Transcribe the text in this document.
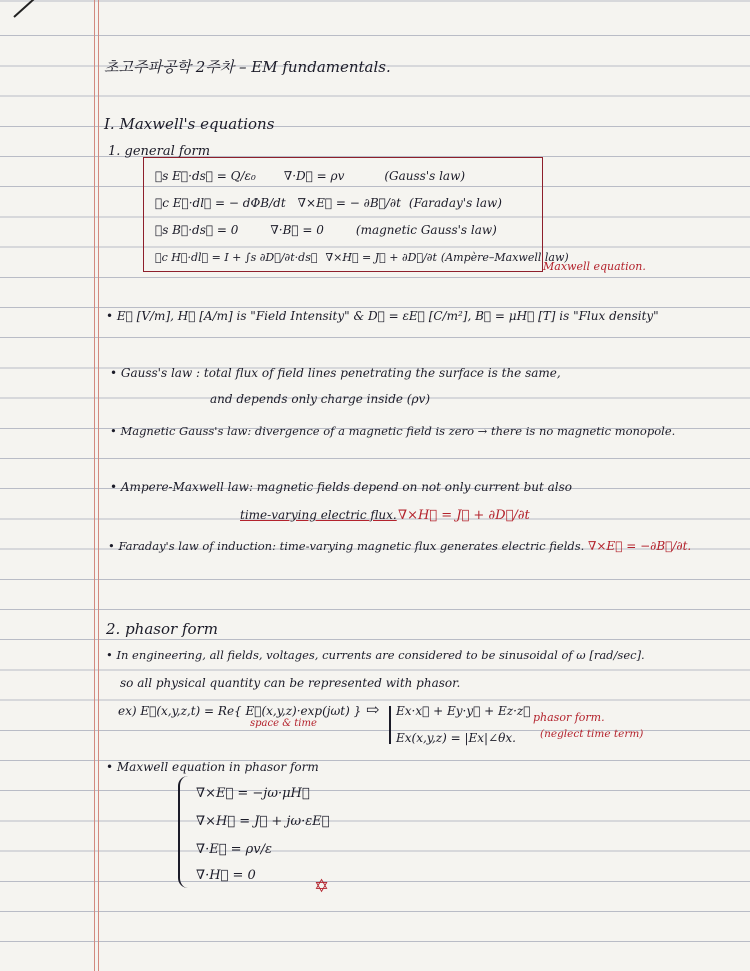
초고주파공학 2주차 – EM fundamentals.
I. Maxwell's equations
1. general form
∮s E⃗·ds⃗ = Q/ε₀ ∇·D⃗ = ρv	(Gauss's law)
∮c E⃗·dl⃗ = − dΦB/dt ∇×E⃗ = − ∂B⃗/∂t (Faraday's law)
∮s B⃗·ds⃗ = 0	∇·B⃗ = 0	(magnetic Gauss's law)
∮c H⃗·dl⃗ = I + ∫s ∂D⃗/∂t·ds⃗ ∇×H⃗ = J⃗ + ∂D⃗/∂t (Ampère–Maxwell law)
Maxwell equation.
• E⃗ [V/m], H⃗ [A/m] is "Field Intensity" & D⃗ = εE⃗ [C/m²], B⃗ = μH⃗ [T] is "Flux density"
• Gauss's law : total flux of field lines penetrating the surface is the same,
and depends only charge inside (ρv)
• Magnetic Gauss's law: divergence of a magnetic field is zero → there is no magnetic monopole.
• Ampere-Maxwell law: magnetic fields depend on not only current but also
time-varying electric flux. ∇×H⃗ = J⃗ + ∂D⃗/∂t
• Faraday's law of induction: time-varying magnetic flux generates electric fields. ∇×E⃗ = −∂B⃗/∂t.
2. phasor form
• In engineering, all fields, voltages, currents are considered to be sinusoidal of ω [rad/sec].
so all physical quantity can be represented with phasor.
ex) E⃗(x,y,z,t) = Re{ E⃗(x,y,z)·exp(jωt) }
space & time
⇨ Ex·x⃗ + Ey·y⃗ + Ez·z⃗
Ex(x,y,z) = |Ex|∠θx.
phasor form.
(neglect time term)
• Maxwell equation in phasor form
∇×E⃗ = −jω·μH⃗
∇×H⃗ = J⃗ + jω·εE⃗
∇·E⃗ = ρv/ε
∇·H⃗ = 0
✡
